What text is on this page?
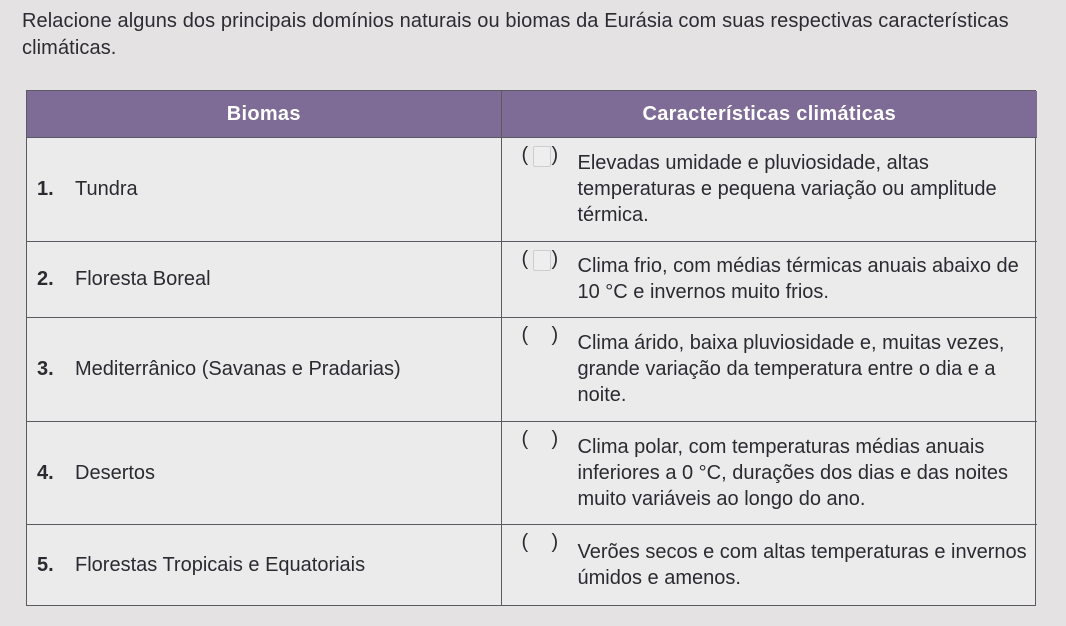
Relacione alguns dos principais domínios naturais ou biomas da Eurásia com suas respectivas características climáticas.
Biomas	Características climáticas
1. Tundra	( ) Elevadas umidade e pluviosidade, altas temperaturas e pequena variação ou amplitude térmica.
2. Floresta Boreal	( ) Clima frio, com médias térmicas anuais abaixo de 10 °C e invernos muito frios.
3. Mediterrânico (Savanas e Pradarias)	( ) Clima árido, baixa pluviosidade e, muitas vezes, grande variação da temperatura entre o dia e a noite.
4. Desertos	( ) Clima polar, com temperaturas médias anuais inferiores a 0 °C, durações dos dias e das noites muito variáveis ao longo do ano.
5. Florestas Tropicais e Equatoriais	( ) Verões secos e com altas temperaturas e invernos úmidos e amenos.
